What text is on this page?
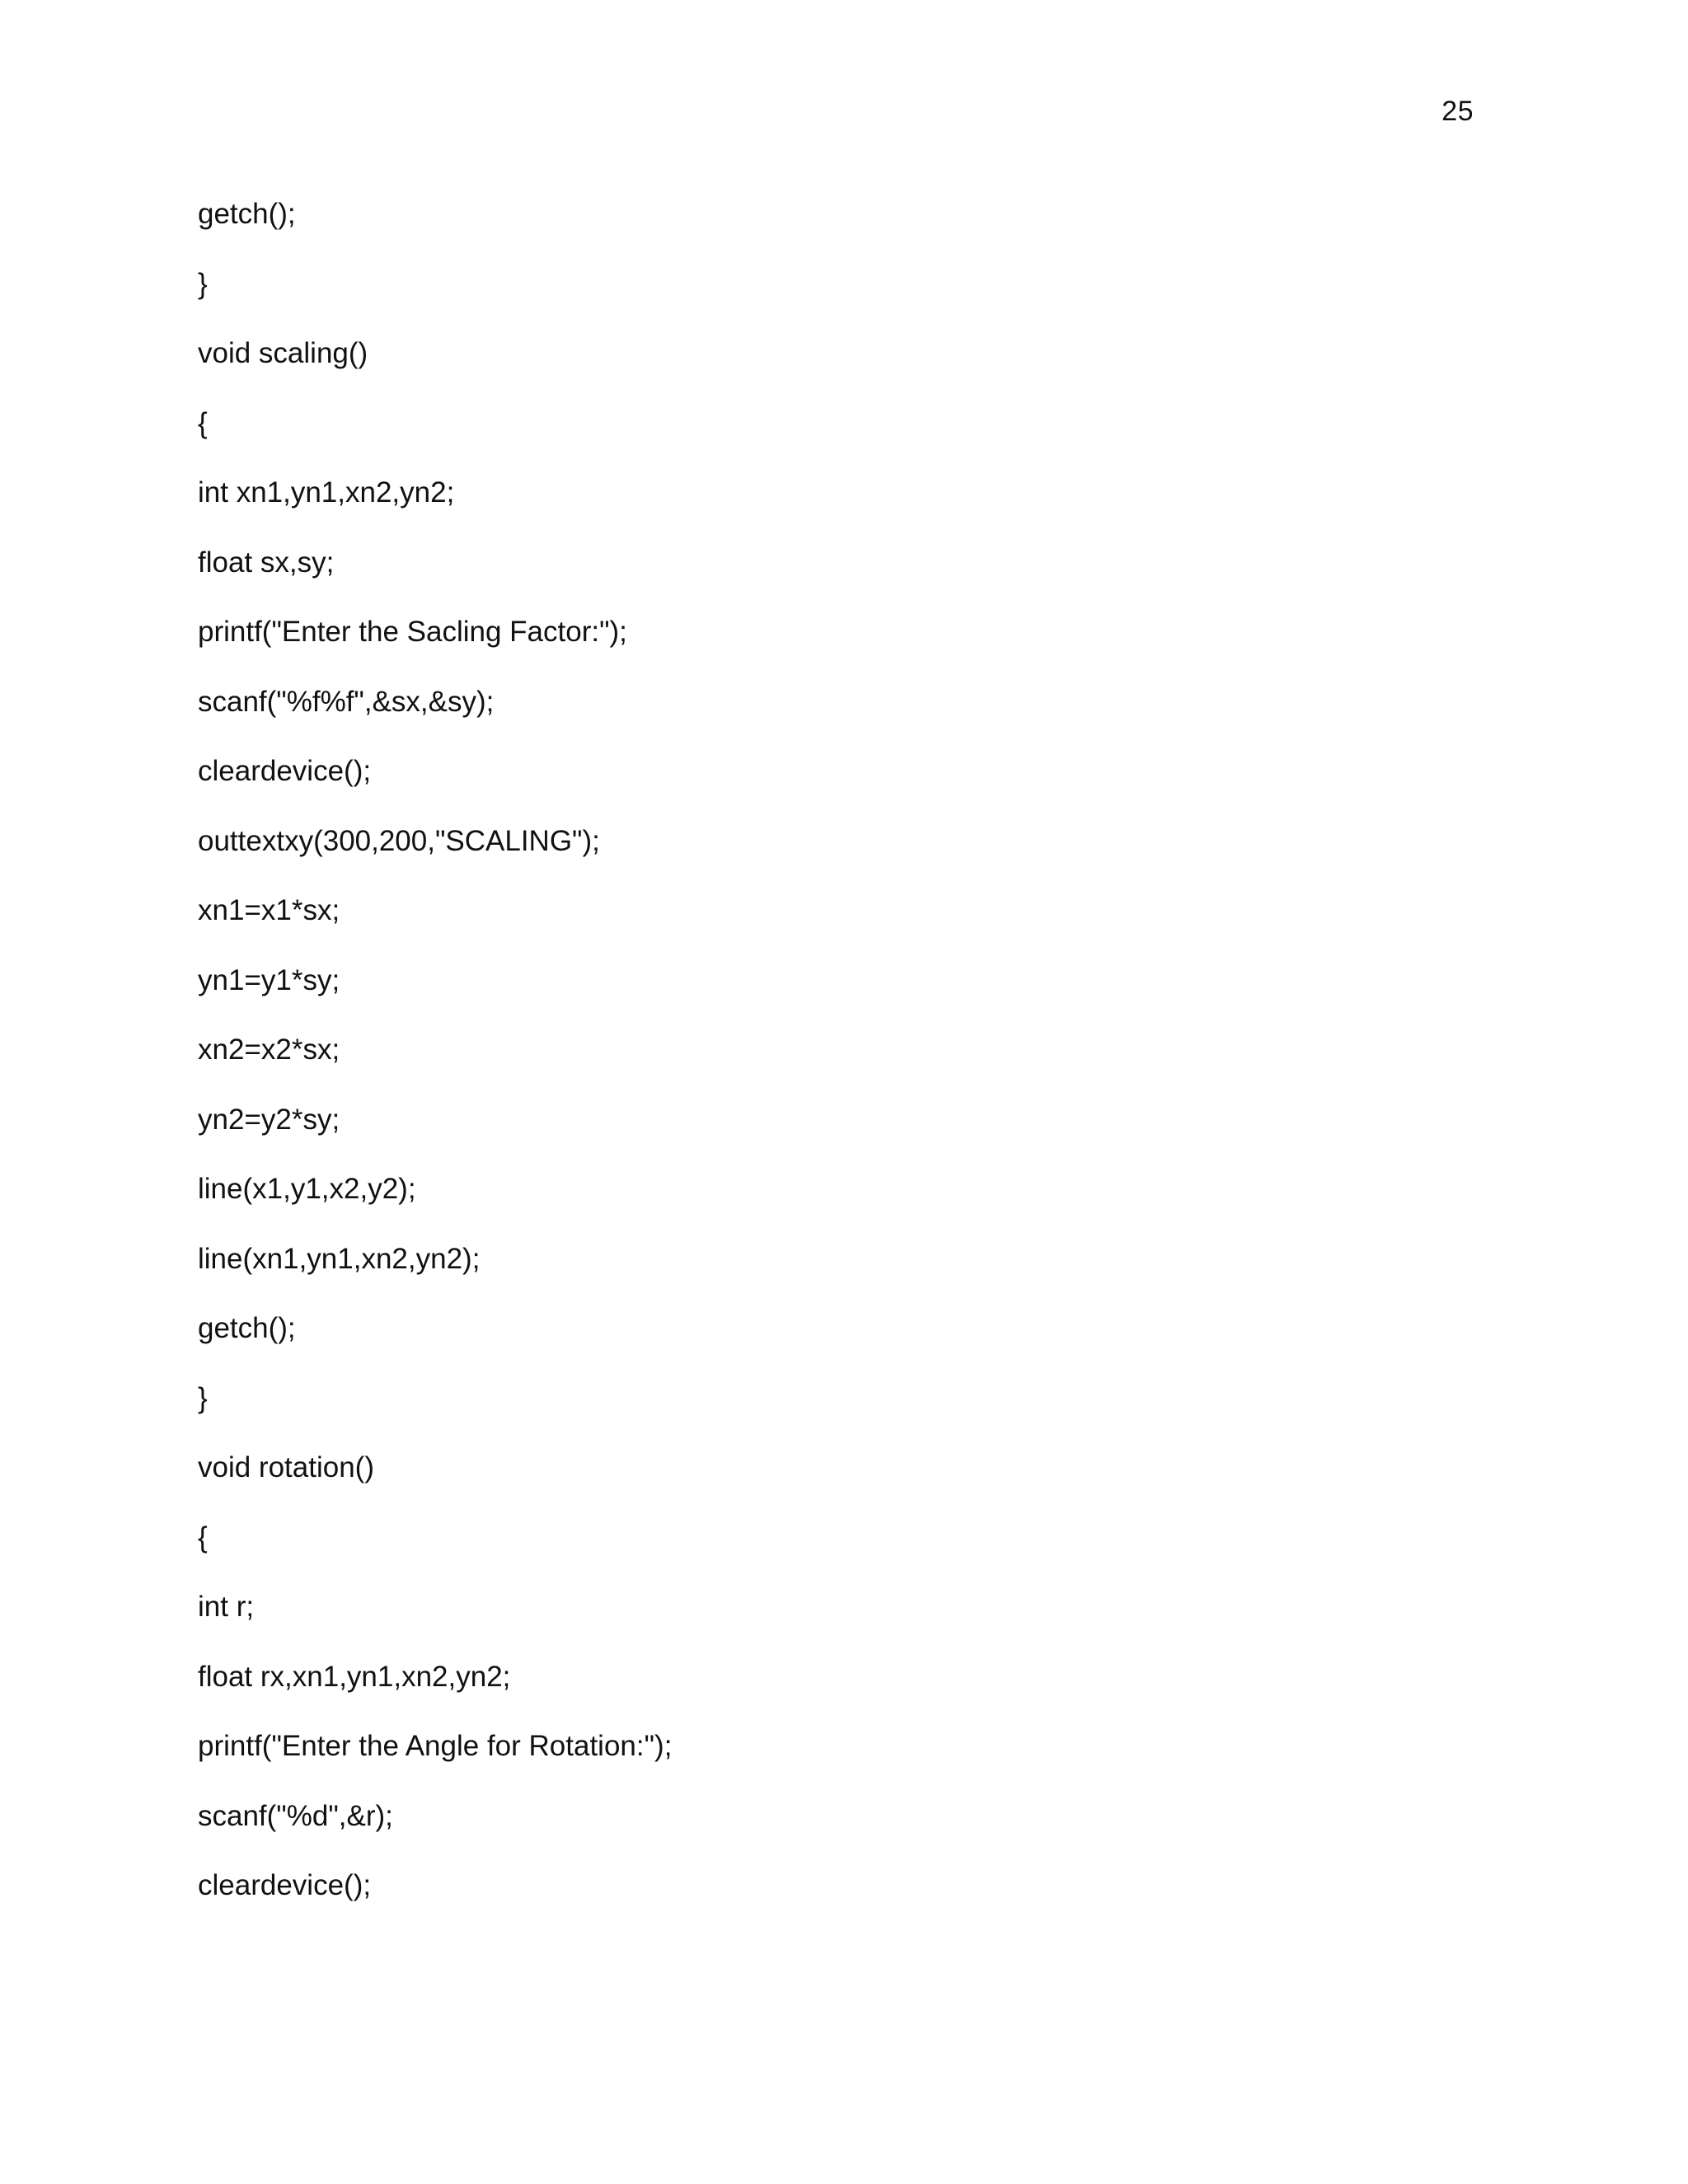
25
getch();
}
void scaling()
{
int xn1,yn1,xn2,yn2;
float sx,sy;
printf("Enter the Sacling Factor:");
scanf("%f%f",&sx,&sy);
cleardevice();
outtextxy(300,200,"SCALING");
xn1=x1*sx;
yn1=y1*sy;
xn2=x2*sx;
yn2=y2*sy;
line(x1,y1,x2,y2);
line(xn1,yn1,xn2,yn2);
getch();
}
void rotation()
{
int r;
float rx,xn1,yn1,xn2,yn2;
printf("Enter the Angle for Rotation:");
scanf("%d",&r);
cleardevice();
